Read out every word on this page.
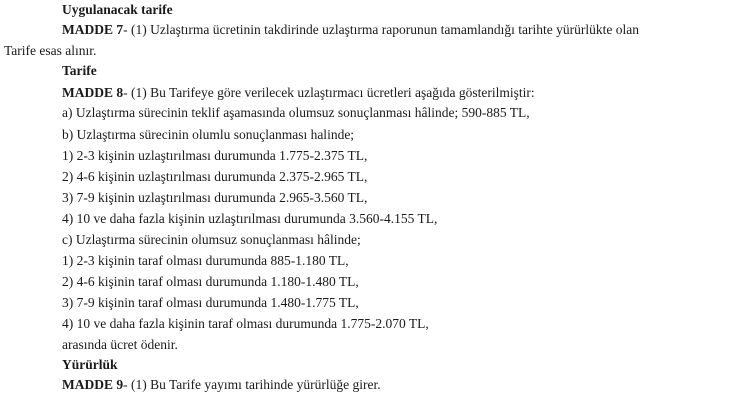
Uygulanacak tarife
MADDE 7- (1) Uzlaştırma ücretinin takdirinde uzlaştırma raporunun tamamlandığı tarihte yürürlükte olan
Tarife esas alınır.
Tarife
MADDE 8- (1) Bu Tarifeye göre verilecek uzlaştırmacı ücretleri aşağıda gösterilmiştir:
a) Uzlaştırma sürecinin teklif aşamasında olumsuz sonuçlanması hâlinde; 590-885 TL,
b) Uzlaştırma sürecinin olumlu sonuçlanması halinde;
1) 2-3 kişinin uzlaştırılması durumunda 1.775-2.375 TL,
2) 4-6 kişinin uzlaştırılması durumunda 2.375-2.965 TL,
3) 7-9 kişinin uzlaştırılması durumunda 2.965-3.560 TL,
4) 10 ve daha fazla kişinin uzlaştırılması durumunda 3.560-4.155 TL,
c) Uzlaştırma sürecinin olumsuz sonuçlanması hâlinde;
1) 2-3 kişinin taraf olması durumunda 885-1.180 TL,
2) 4-6 kişinin taraf olması durumunda 1.180-1.480 TL,
3) 7-9 kişinin taraf olması durumunda 1.480-1.775 TL,
4) 10 ve daha fazla kişinin taraf olması durumunda 1.775-2.070 TL,
arasında ücret ödenir.
Yürürlük
MADDE 9- (1) Bu Tarife yayımı tarihinde yürürlüğe girer.
